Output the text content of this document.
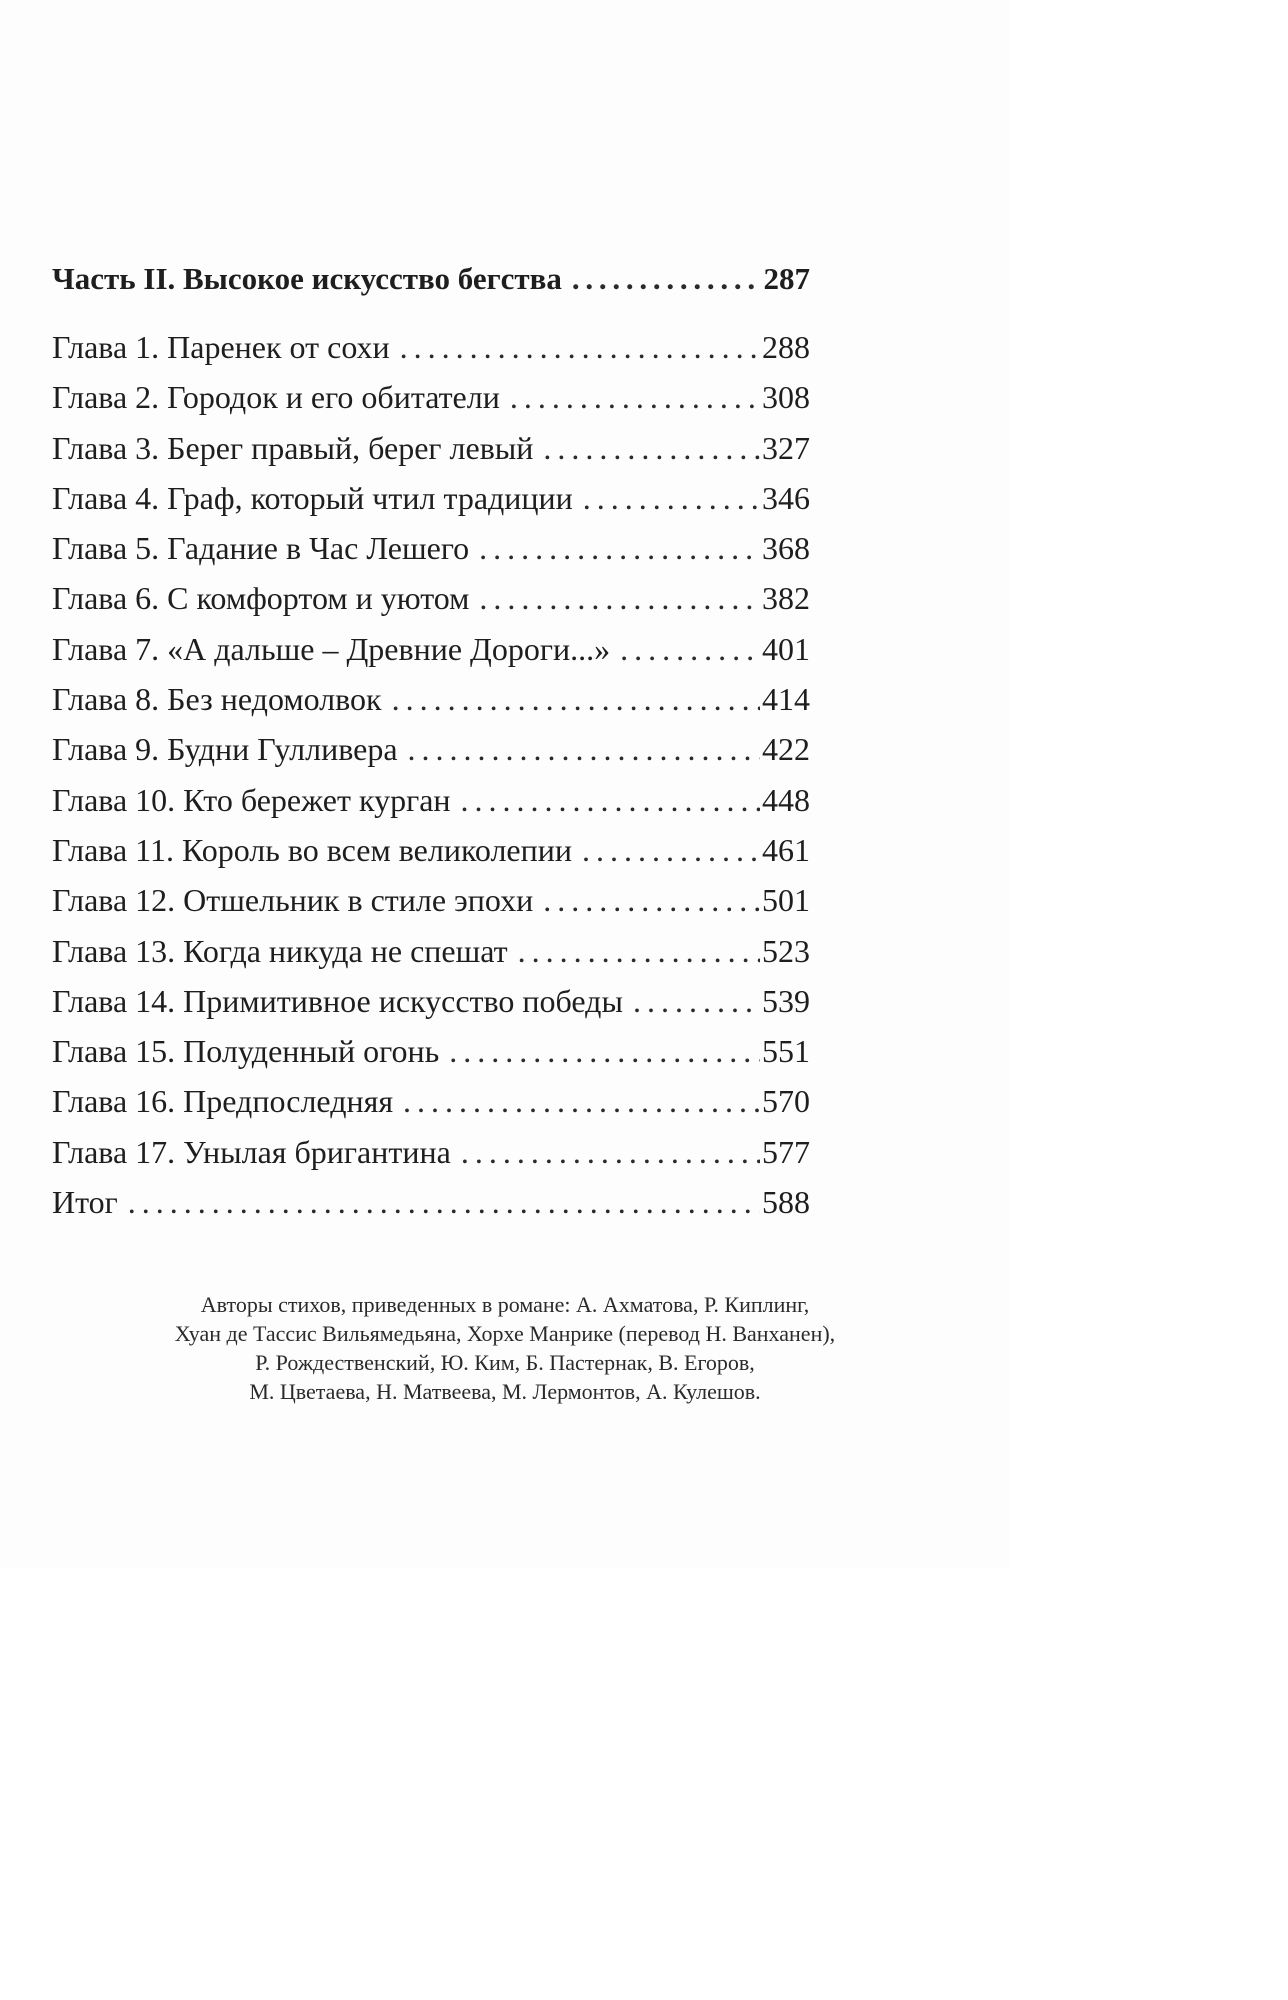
Часть II. Высокое искусство бегства . . .	287
Глава 1. Паренек от сохи . . .	288
Глава 2. Городок и его обитатели . . .	308
Глава 3. Берег правый, берег левый . . .	327
Глава 4. Граф, который чтил традиции . . .	346
Глава 5. Гадание в Час Лешего . . .	368
Глава 6. С комфортом и уютом . . .	382
Глава 7. «А дальше – Древние Дороги...» . . .	401
Глава 8. Без недомолвок . . .	414
Глава 9. Будни Гулливера . . .	422
Глава 10. Кто бережет курган . . .	448
Глава 11. Король во всем великолепии . . .	461
Глава 12. Отшельник в стиле эпохи . . .	501
Глава 13. Когда никуда не спешат . . .	523
Глава 14. Примитивное искусство победы . . .	539
Глава 15. Полуденный огонь . . .	551
Глава 16. Предпоследняя . . .	570
Глава 17. Унылая бригантина . . .	577
Итог . . .	588
Авторы стихов, приведенных в романе: А. Ахматова, Р. Киплинг,
Хуан де Тассис Вильямедьяна, Хорхе Манрике (перевод Н. Ванханен),
Р. Рождественский, Ю. Ким, Б. Пастернак, В. Егоров,
М. Цветаева, Н. Матвеева, М. Лермонтов, А. Кулешов.
